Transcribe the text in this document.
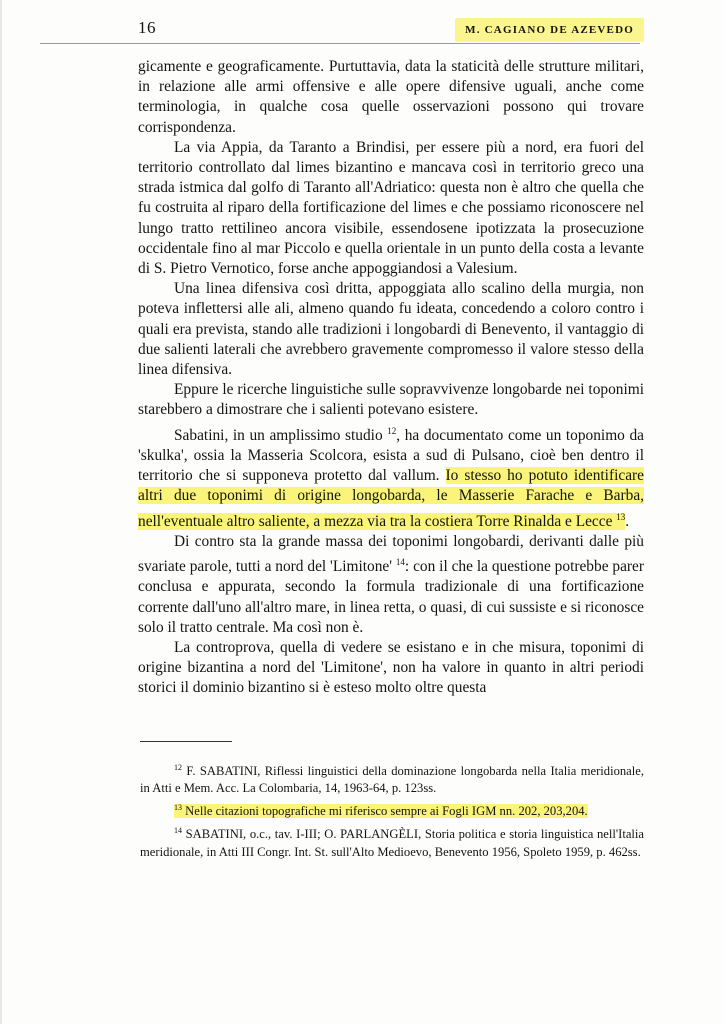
16	M. CAGIANO DE AZEVEDO

gicamente e geograficamente. Purtuttavia, data la staticità delle strutture militari, in relazione alle armi offensive e alle opere difensive uguali, anche come terminologia, in qualche cosa quelle osservazioni possono qui trovare corrispondenza.

La via Appia, da Taranto a Brindisi, per essere più a nord, era fuori del territorio controllato dal limes bizantino e mancava così in territorio greco una strada istmica dal golfo di Taranto all'Adriatico: questa non è altro che quella che fu costruita al riparo della fortificazione del limes e che possiamo riconoscere nel lungo tratto rettilineo ancora visibile, essendosene ipotizzata la prosecuzione occidentale fino al mar Piccolo e quella orientale in un punto della costa a levante di S. Pietro Vernotico, forse anche appoggiandosi a Valesium.

Una linea difensiva così dritta, appoggiata allo scalino della murgia, non poteva inflettersi alle ali, almeno quando fu ideata, concedendo a coloro contro i quali era prevista, stando alle tradizioni i longobardi di Benevento, il vantaggio di due salienti laterali che avrebbero gravemente compromesso il valore stesso della linea difensiva.

Eppure le ricerche linguistiche sulle sopravvivenze longobarde nei toponimi starebbero a dimostrare che i salienti potevano esistere.

Sabatini, in un amplissimo studio $^{12}$, ha documentato come un toponimo da 'skulka', ossia la Masseria Scolcora, esista a sud di Pulsano, cioè ben dentro il territorio che si supponeva protetto dal vallum. Io stesso ho potuto identificare altri due toponimi di origine longobarda, le Masserie Farache e Barba, nell'eventuale altro saliente, a mezza via tra la costiera Torre Rinalda e Lecce $^{13}$.

Di contro sta la grande massa dei toponimi longobardi, derivanti dalle più svariate parole, tutti a nord del 'Limitone' $^{14}$: con il che la questione potrebbe parer conclusa e appurata, secondo la formula tradizionale di una fortificazione corrente dall'uno all'altro mare, in linea retta, o quasi, di cui sussiste e si riconosce solo il tratto centrale. Ma così non è.

La controprova, quella di vedere se esistano e in che misura, toponimi di origine bizantina a nord del 'Limitone', non ha valore in quanto in altri periodi storici il dominio bizantino si è esteso molto oltre questa

$^{12}$ F. SABATINI, Riflessi linguistici della dominazione longobarda nella Italia meridionale, in Atti e Mem. Acc. La Colombaria, 14, 1963-64, p. 123ss.

$^{13}$ Nelle citazioni topografiche mi riferisco sempre ai Fogli IGM nn. 202, 203,204.

$^{14}$ SABATINI, o.c., tav. I-III; O. PARLANGÈLI, Storia politica e storia linguistica nell'Italia meridionale, in Atti III Congr. Int. St. sull'Alto Medioevo, Benevento 1956, Spoleto 1959, p. 462ss.
